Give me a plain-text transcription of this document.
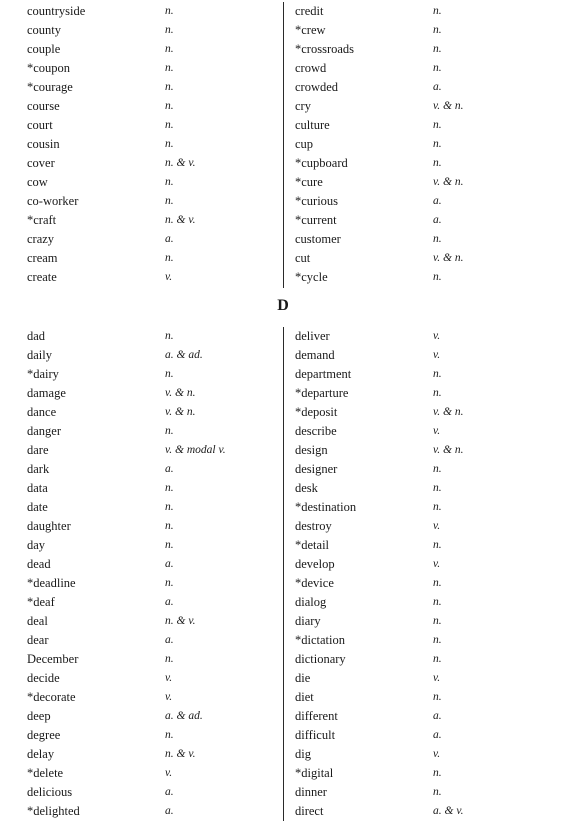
countryside	n.
county	n.
couple	n.
*coupon	n.
*courage	n.
course	n.
court	n.
cousin	n.
cover	n. & v.
cow	n.
co-worker	n.
*craft	n. & v.
crazy	a.
cream	n.
create	v.
credit	n.
*crew	n.
*crossroads	n.
crowd	n.
crowded	a.
cry	v. & n.
culture	n.
cup	n.
*cupboard	n.
*cure	v. & n.
*curious	a.
*current	a.
customer	n.
cut	v. & n.
*cycle	n.
D
dad	n.
daily	a. & ad.
*dairy	n.
damage	v. & n.
dance	v. & n.
danger	n.
dare	v. & modal v.
dark	a.
data	n.
date	n.
daughter	n.
day	n.
dead	a.
*deadline	n.
*deaf	a.
deal	n. & v.
dear	a.
December	n.
decide	v.
*decorate	v.
deep	a. & ad.
degree	n.
delay	n. & v.
*delete	v.
delicious	a.
*delighted	a.
deliver	v.
demand	v.
department	n.
*departure	n.
*deposit	v. & n.
describe	v.
design	v. & n.
designer	n.
desk	n.
*destination	n.
destroy	v.
*detail	n.
develop	v.
*device	n.
dialog	n.
diary	n.
*dictation	n.
dictionary	n.
die	v.
diet	n.
different	a.
difficult	a.
dig	v.
*digital	n.
dinner	n.
direct	a. & v.
